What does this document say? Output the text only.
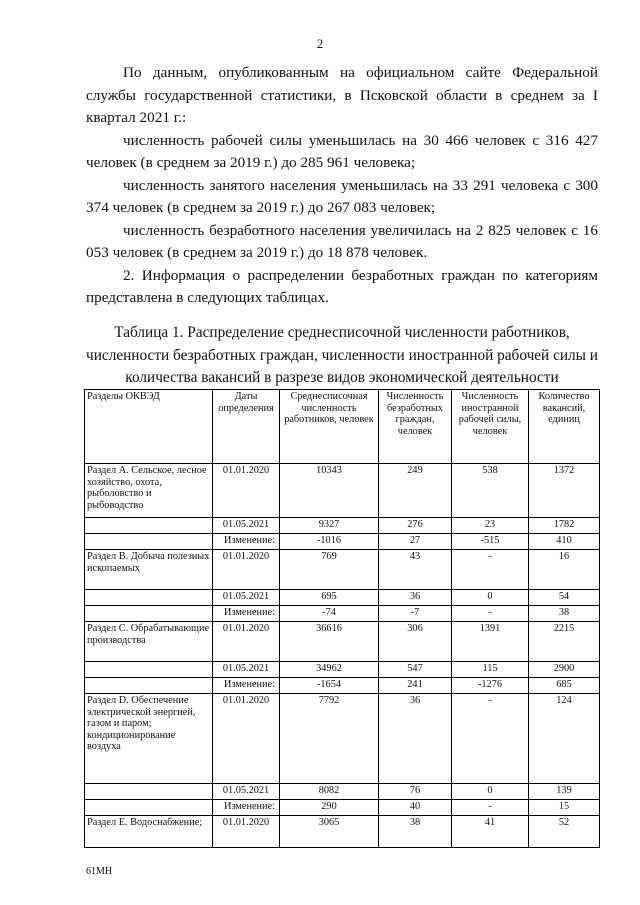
2

По данным, опубликованным на официальном сайте Федеральной службы государственной статистики, в Псковской области в среднем за I квартал 2021 г.:

численность рабочей силы уменьшилась на 30 466 человек с 316 427 человек (в среднем за 2019 г.) до 285 961 человека;

численность занятого населения уменьшилась на 33 291 человека с 300 374 человек (в среднем за 2019 г.) до 267 083 человек;

численность безработного населения увеличилась на 2 825 человек с 16 053 человек (в среднем за 2019 г.) до 18 878 человек.

2. Информация о распределении безработных граждан по категориям представлена в следующих таблицах.

Таблица 1. Распределение среднесписочной численности работников, численности безработных граждан, численности иностранной рабочей силы и количества вакансий в разрезе видов экономической деятельности
Разделы ОКВЭД	Даты определения	Среднесписочная численность работников, человек	Численность безработных граждан, человек	Численность иностранной рабочей силы, человек	Количество вакансий, единиц
Раздел А. Сельское, лесное хозяйство, охота, рыболовство и рыбоводство	01.01.2020	10343	249	538	1372
	01.05.2021	9327	276	23	1782
	Изменение:	-1016	27	-515	410
Раздел В. Добыча полезных ископаемых	01.01.2020	769	43	-	16
	01.05.2021	695	36	0	54
	Изменение:	-74	-7	-	38
Раздел С. Обрабатывающие производства	01.01.2020	36616	306	1391	2215
	01.05.2021	34962	547	115	2900
	Изменение:	-1654	241	-1276	685
Раздел D. Обеспечение электрической энергией, газом и паром; кондиционирование воздуха	01.01.2020	7792	36	-	124
	01.05.2021	8082	76	0	139
	Изменение:	290	40	-	15
Раздел Е. Водоснабжение;	01.01.2020	3065	38	41	52
61МН
